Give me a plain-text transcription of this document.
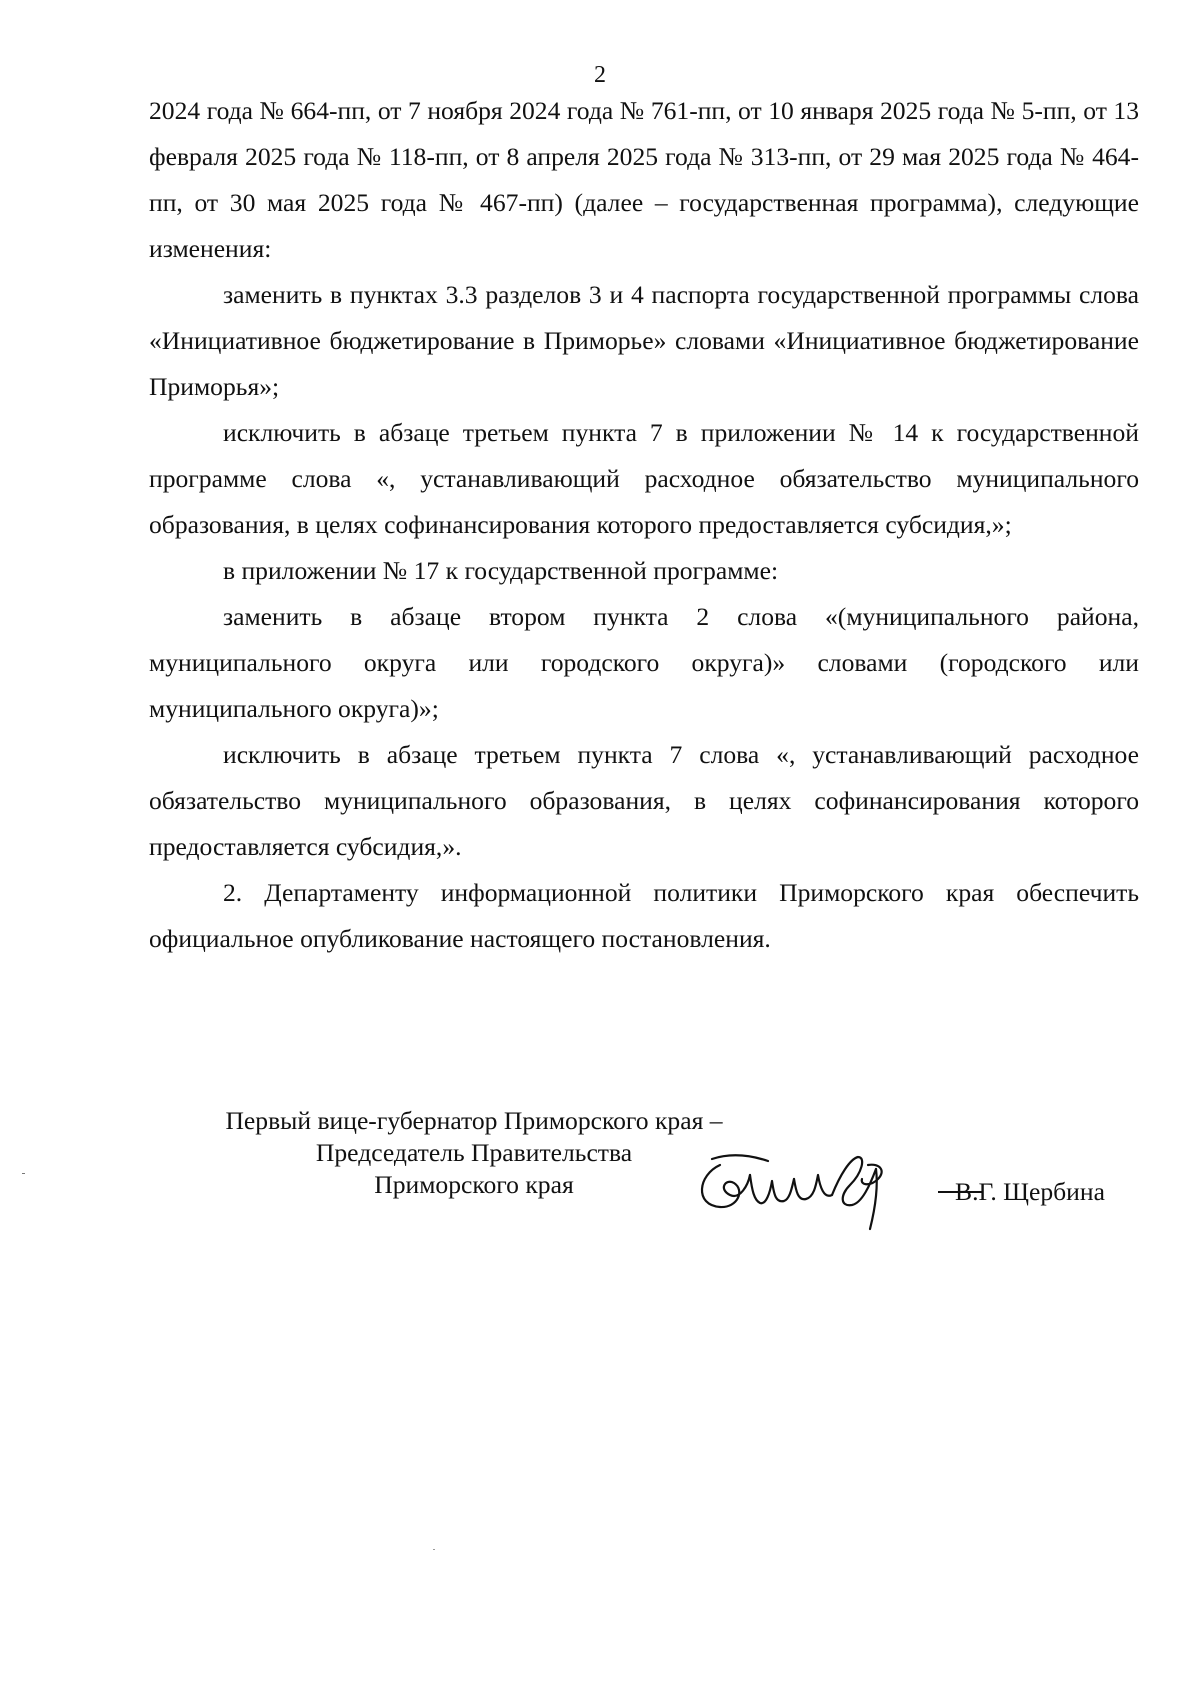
2

2024 года № 664-пп, от 7 ноября 2024 года № 761-пп, от 10 января 2025 года № 5-пп, от 13 февраля 2025 года № 118-пп, от 8 апреля 2025 года № 313-пп, от 29 мая 2025 года № 464-пп, от 30 мая 2025 года № 467-пп) (далее – государственная программа), следующие изменения:

заменить в пунктах 3.3 разделов 3 и 4 паспорта государственной программы слова «Инициативное бюджетирование в Приморье» словами «Инициативное бюджетирование Приморья»;

исключить в абзаце третьем пункта 7 в приложении № 14 к государственной программе слова «, устанавливающий расходное обязательство муниципального образования, в целях софинансирования которого предоставляется субсидия,»;

в приложении № 17 к государственной программе:

заменить в абзаце втором пункта 2 слова «(муниципального района, муниципального округа или городского округа)» словами (городского или муниципального округа)»;

исключить в абзаце третьем пункта 7 слова «, устанавливающий расходное обязательство муниципального образования, в целях софинансирования которого предоставляется субсидия,».

2. Департаменту информационной политики Приморского края обеспечить официальное опубликование настоящего постановления.

Первый вице-губернатор Приморского края –
Председатель Правительства
Приморского края	В.Г. Щербина
